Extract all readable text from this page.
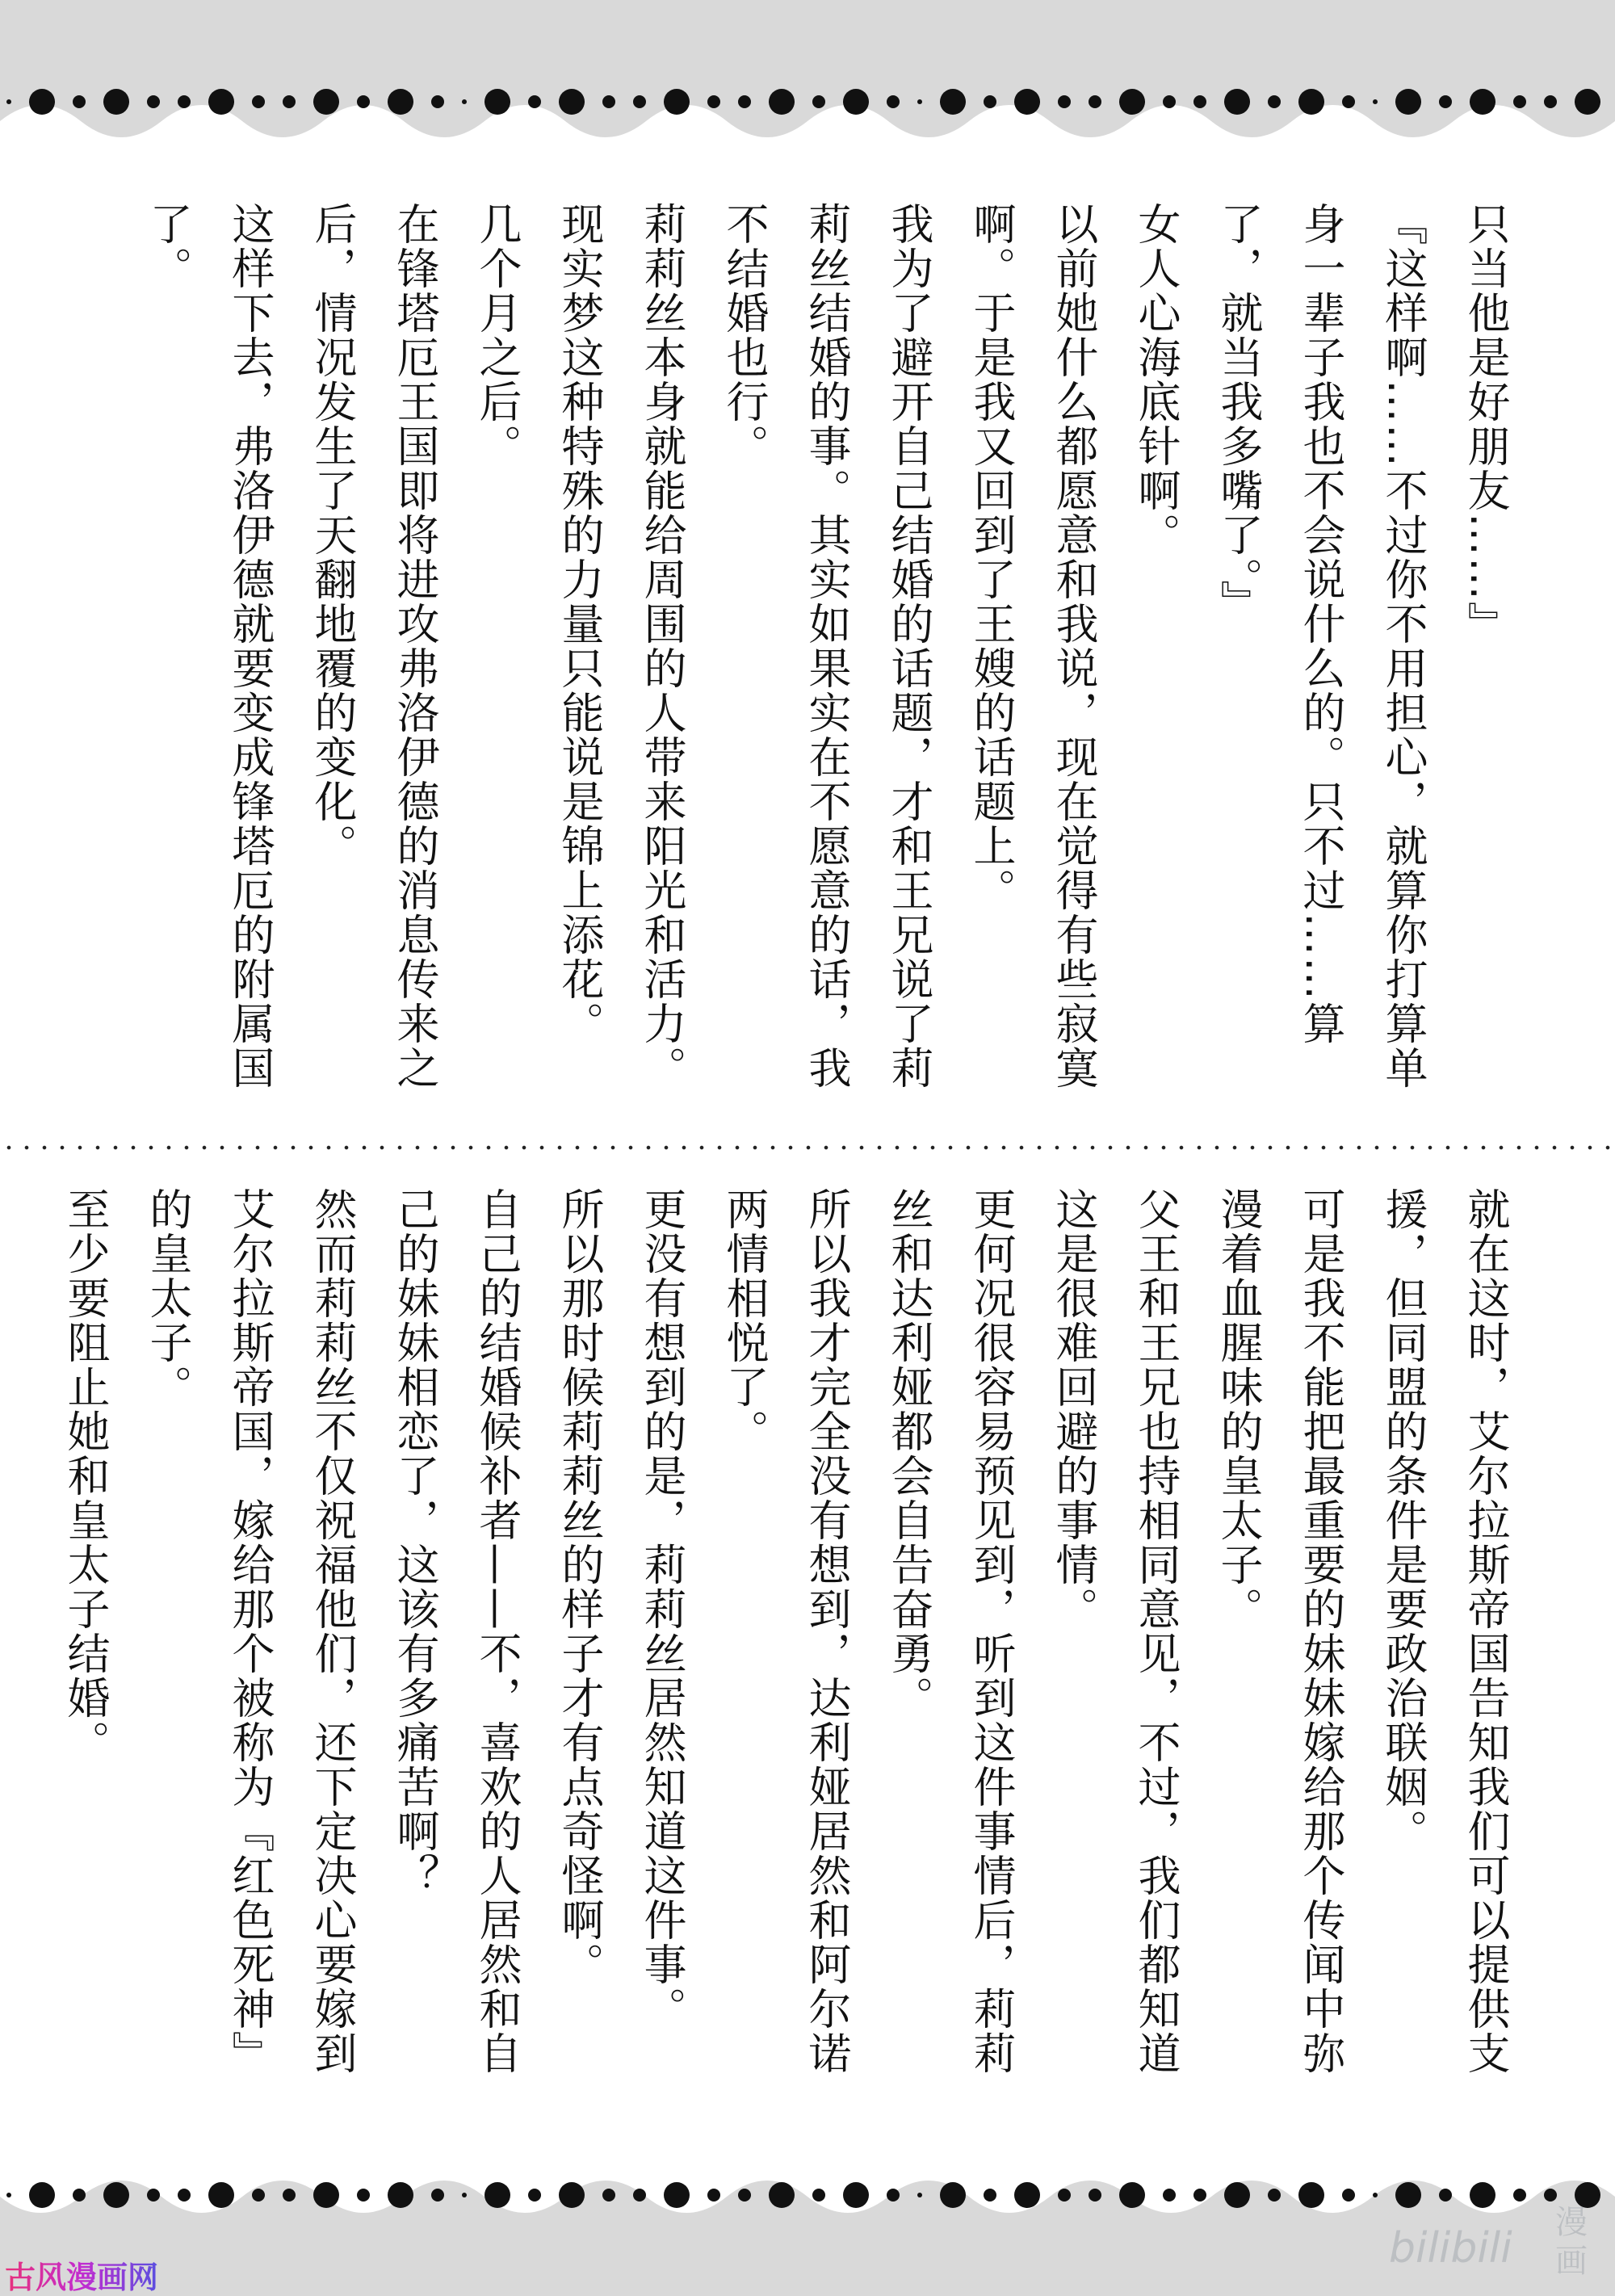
只当他是好朋友……』

『这样啊……不过你不用担心，就算你打算单身一辈子我也不会说什么的。只不过……算了，就当我多嘴了。』

女人心海底针啊。

以前她什么都愿意和我说，现在觉得有些寂寞啊。于是我又回到了王嫂的话题上。

我为了避开自己结婚的话题，才和王兄说了莉莉丝结婚的事。其实如果实在不愿意的话，我不结婚也行。

莉莉丝本身就能给周围的人带来阳光和活力。

现实梦这种特殊的力量只能说是锦上添花。

几个月之后。

在锋塔厄王国即将进攻弗洛伊德的消息传来之后，情况发生了天翻地覆的变化。

这样下去，弗洛伊德就要变成锋塔厄的附属国了。

就在这时，艾尔拉斯帝国告知我们可以提供支援，但同盟的条件是要政治联姻。

可是我不能把最重要的妹妹嫁给那个传闻中弥漫着血腥味的皇太子。

父王和王兄也持相同意见，不过，我们都知道这是很难回避的事情。

更何况很容易预见到，听到这件事情后，莉莉丝和达利娅都会自告奋勇。

所以我才完全没有想到，达利娅居然和阿尔诺两情相悦了。

更没有想到的是，莉莉丝居然知道这件事。

所以那时候莉莉丝的样子才有点奇怪啊。

自己的结婚候补者——不，喜欢的人居然和自己的妹妹相恋了，这该有多痛苦啊？

然而莉莉丝不仅祝福他们，还下定决心要嫁到艾尔拉斯帝国，嫁给那个被称为『红色死神』的皇太子。

至少要阻止她和皇太子结婚。

古风漫画网
bilibili
漫
画
